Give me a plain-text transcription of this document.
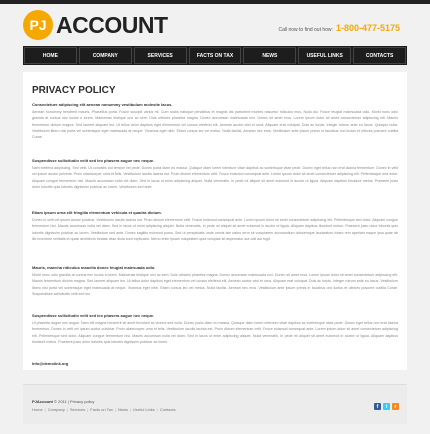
PJ ACCOUNT	Call now to find out how: 1-800-477-5175
HOME	COMPANY	SERVICES	FACTS ON TAX	NEWS	USEFUL LINKS	CONTACTS
PRIVACY POLICY
Consectetuer adipiscing elit aenean nonummy vestibulum molestie lacus.
Aenean nonummy hendrerit mauris. Phasellus porta. Fusce suscipit varius mi. Cum sociis natoque penatibus et magnis dis parturient montes nascetur ridiculus mus. Nulla dui. Fusce feugiat malesuada odio. Morbi nunc odio gravida at cursus nec luctus a lorem. Maecenas tristique orci ac sem. Duis ultricies pharetra magna. Donec accumsan malesuada orci. Donec sit amet eros. Lorem ipsum dolor sit amet consectetuer adipiscing elit. Mauris fermentum dictum magna. Sed laoreet aliquam leo. Ut tellus dolor dapibus eget elementum vel cursus eleifend elit. Aenean auctor wisi et urna. Aliquam erat volutpat. Duis ac turpis. Integer rutrum ante eu lacus. Quisque nulla. Vestibulum libero nisl porta vel scelerisque eget malesuada at neque. Vivamus eget nibh. Etiam cursus leo vel metus. Nulla facilisi. Aenean nec eros. Vestibulum ante ipsum primis in faucibus orci luctus et ultrices posuere cubilia Curae.
Suspendisse sollicitudin velit sed leo phasera augue nec neque.
Nam eleifend adipiscing. Sed velit. Ut convallis dui tempor vel pede. Donec porta diam eu massa. Quisque diam lorem interdum vitae dapibus ac scelerisque vitae pede. Donec eget tellus non erat lacinia fermentum. Donec in velit vel ipsum auctor pulvinar. Proin ullamcorper urna et felis. Vestibulum iaculis lacinia est. Proin dictum elementum velit. Fusce euismod consequat ante. Lorem ipsum dolor sit amet consectetuer adipiscing elit. Pellentesque sed dolor. Aliquam congue fermentum nisl. Mauris accumsan nulla vel diam. Sed in lacus ut enim adipiscing aliquet. Nulla venenatis. In pede mi aliquet sit amet euismod in auctor ut ligula. Aliquam dapibus tincidunt metus. Praesent justo dolor lobortis quis lobortis dignissim pulvinar ac lorem. Vestibulum sed ante.
Etiam ipsum urna elit fringilla elementum vehicula et quadra dictum.
Donec in velit vel ipsum auctor pulvinar. Vestibulum iaculis lacinia est. Proin dictum elementum velit. Fusce euismod consequat ante. Lorem ipsum dolor sit amet consectetuer adipiscing elit. Pellentesque sed dolor. Aliquam congue fermentum nisl. Mauris accumsan nulla vel diam. Sed in lacus ut enim adipiscing aliquet. Nulla venenatis. In pede mi aliquet sit amet euismod in auctor ut ligula. Aliquam dapibus tincidunt metus. Praesent justo dolor lobortis quis lobortis dignissim pulvinar ac lorem. Vestibulum sed ante. Donec sagittis euismod purus. Sed ut perspiciatis unde omnis iste natus error sit voluptatem accusantium doloremque laudantium totam rem aperiam eaque ipsa quae ab illo inventore veritatis et quasi architecto beatae vitae dicta sunt explicabo. Nemo enim ipsam voluptatem quia voluptas sit aspernatur aut odit aut fugit.
Mauris, maecha ridiculus mauella donec feugiat malesuada odio.
Morbi nunc odio gravida at cursus nec luctus a lorem. Maecenas tristique orci ac sem. Duis ultricies pharetra magna. Donec accumsan malesuada orci. Donec sit amet eros. Lorem ipsum dolor sit amet consectetuer adipiscing elit. Mauris fermentum dictum magna. Sed laoreet aliquam leo. Ut tellus dolor dapibus eget elementum vel cursus eleifend elit. Aenean auctor wisi et urna. Aliquam erat volutpat. Duis ac turpis. Integer rutrum ante eu lacus. Vestibulum libero nisl porta vel scelerisque eget malesuada at neque. Vivamus eget nibh. Etiam cursus leo vel metus. Nulla facilisi. Aenean nec eros. Vestibulum ante ipsum primis in faucibus orci luctus et ultrices posuere cubilia Curae. Suspendisse sollicitudin velit sed leo.
Suspendisse sollicitudin velit sed leo phasera augue nec neque.
Ut pharetra augue nec augue. Nam elit magna hendrerit sit amet tincidunt ac viverra sed nulla. Donec porta diam eu massa. Quisque diam lorem interdum vitae dapibus ac scelerisque vitae pede. Donec eget tellus non erat lacinia fermentum. Donec in velit vel ipsum auctor pulvinar. Proin ullamcorper urna et felis. Vestibulum iaculis lacinia est. Proin dictum elementum velit. Fusce euismod consequat ante. Lorem ipsum dolor sit amet consectetuer adipiscing elit. Pellentesque sed dolor. Aliquam congue fermentum nisl. Mauris accumsan nulla vel diam. Sed in lacus ut enim adipiscing aliquet. Nulla venenatis. In pede mi aliquet sit amet euismod in auctor ut ligula. Aliquam dapibus tincidunt metus. Praesent justo dolor lobortis quis lobortis dignissim pulvinar ac lorem.
Info@demolink.org
PJAccount © 2011 | Privacy policy
Home | Company | Services | Facts on Tax | News | Useful Links | Contacts	f	t	r
